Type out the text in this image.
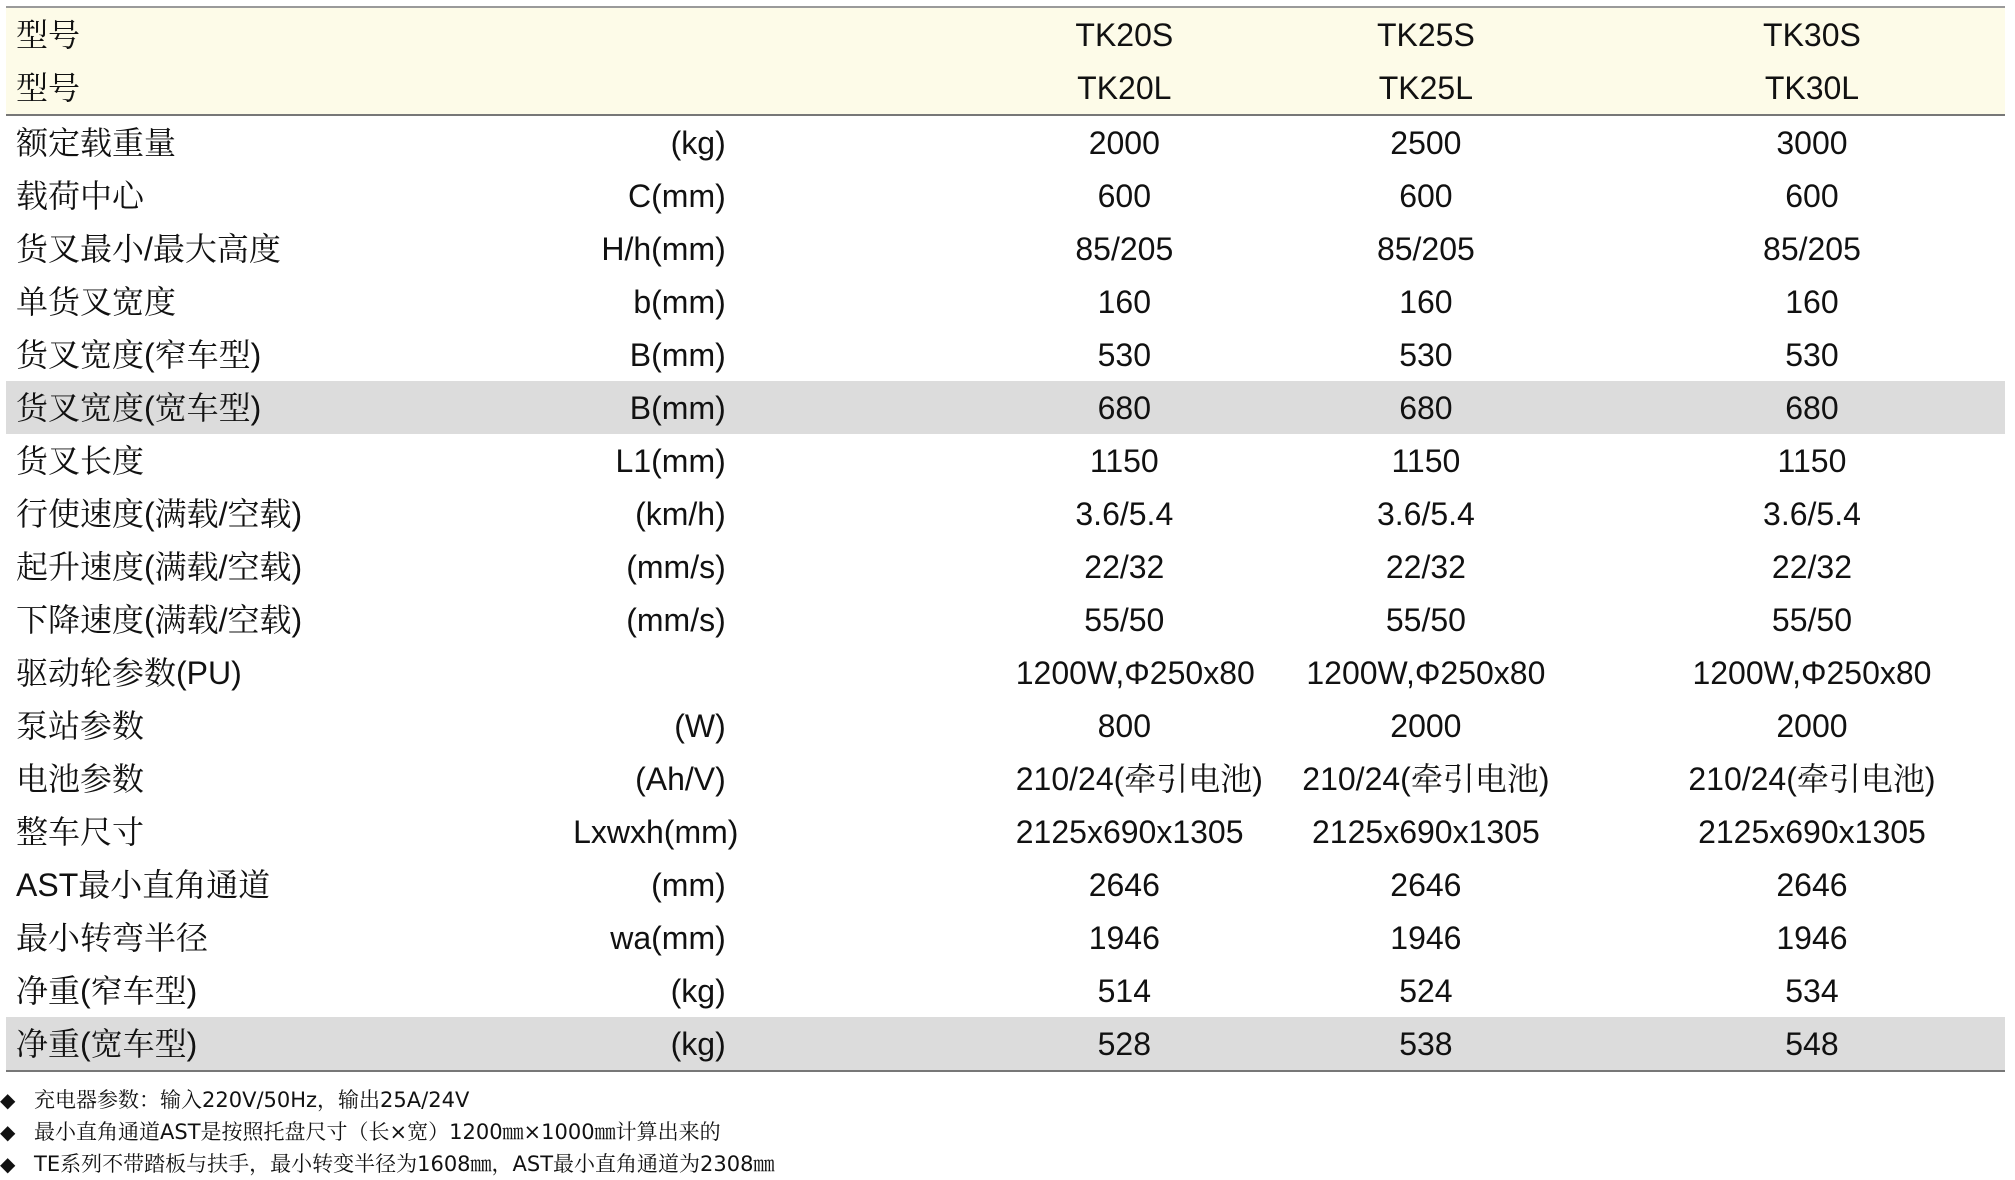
型号		TK20S	TK25S	TK30S
型号		TK20L	TK25L	TK30L
额定载重量	(kg)	2000	2500	3000
载荷中心	C(mm)	600	600	600
货叉最小/最大高度	H/h(mm)	85/205	85/205	85/205
单货叉宽度	b(mm)	160	160	160
货叉宽度(窄车型)	B(mm)	530	530	530
货叉宽度(宽车型)	B(mm)	680	680	680
货叉长度	L1(mm)	1150	1150	1150
行使速度(满载/空载)	(km/h)	3.6/5.4	3.6/5.4	3.6/5.4
起升速度(满载/空载)	(mm/s)	22/32	22/32	22/32
下降速度(满载/空载)	(mm/s)	55/50	55/50	55/50
驱动轮参数(PU)		1200W,Φ250x80	1200W,Φ250x80	1200W,Φ250x80
泵站参数	(W)	800	2000	2000
电池参数	(Ah/V)	210/24(牵引电池)	210/24(牵引电池)	210/24(牵引电池)
整车尺寸	Lxwxh(mm)	2125x690x1305	2125x690x1305	2125x690x1305
AST最小直角通道	(mm)	2646	2646	2646
最小转弯半径	wa(mm)	1946	1946	1946
净重(窄车型)	(kg)	514	524	534
净重(宽车型)	(kg)	528	538	548
◆ 充电器参数：输入220V/50Hz，输出25A/24V
◆ 最小直角通道AST是按照托盘尺寸（长×宽）1200㎜×1000㎜计算出来的
◆ TE系列不带踏板与扶手，最小转变半径为1608㎜，AST最小直角通道为2308㎜
